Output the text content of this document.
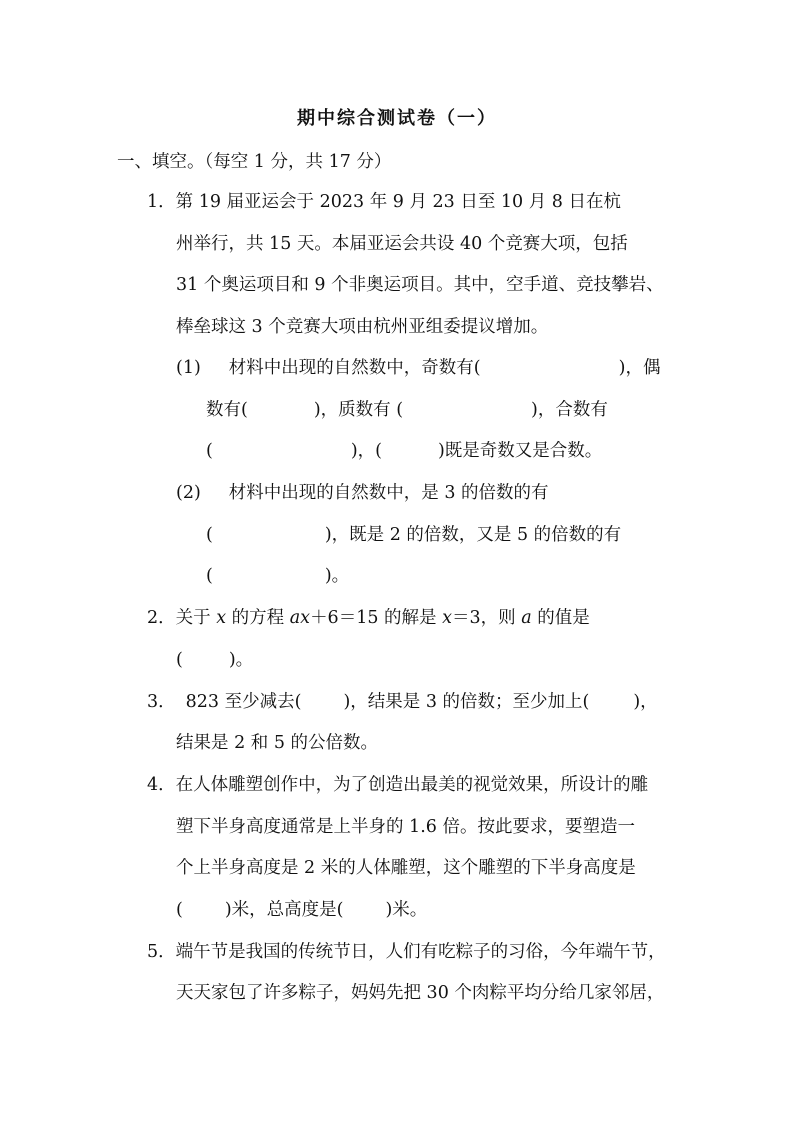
期中综合测试卷（一）
一、填空。（每空 1 分，共 17 分）
1．第 19 届亚运会于 2023 年 9 月 23 日至 10 月 8 日在杭
州举行，共 15 天。本届亚运会共设 40 个竞赛大项，包括
31 个奥运项目和 9 个非奥运项目。其中，空手道、竞技攀岩、
棒垒球这 3 个竞赛大项由杭州亚组委提议增加。
(1) 材料中出现的自然数中，奇数有(	)，偶
数有(	)，质数有 (	)，合数有
(	)，(	)既是奇数又是合数。
(2) 材料中出现的自然数中，是 3 的倍数的有
(	)，既是 2 的倍数，又是 5 的倍数的有
(	)。
2．关于 x 的方程 ax＋6＝15 的解是 x＝3，则 a 的值是
(	)。
3． 823 至少减去( )，结果是 3 的倍数；至少加上(	)，
结果是 2 和 5 的公倍数。
4．在人体雕塑创作中，为了创造出最美的视觉效果，所设计的雕
塑下半身高度通常是上半身的 1.6 倍。按此要求，要塑造一
个上半身高度是 2 米的人体雕塑，这个雕塑的下半身高度是
( )米，总高度是( )米。
5．端午节是我国的传统节日，人们有吃粽子的习俗，今年端午节，
天天家包了许多粽子，妈妈先把 30 个肉粽平均分给几家邻居，
